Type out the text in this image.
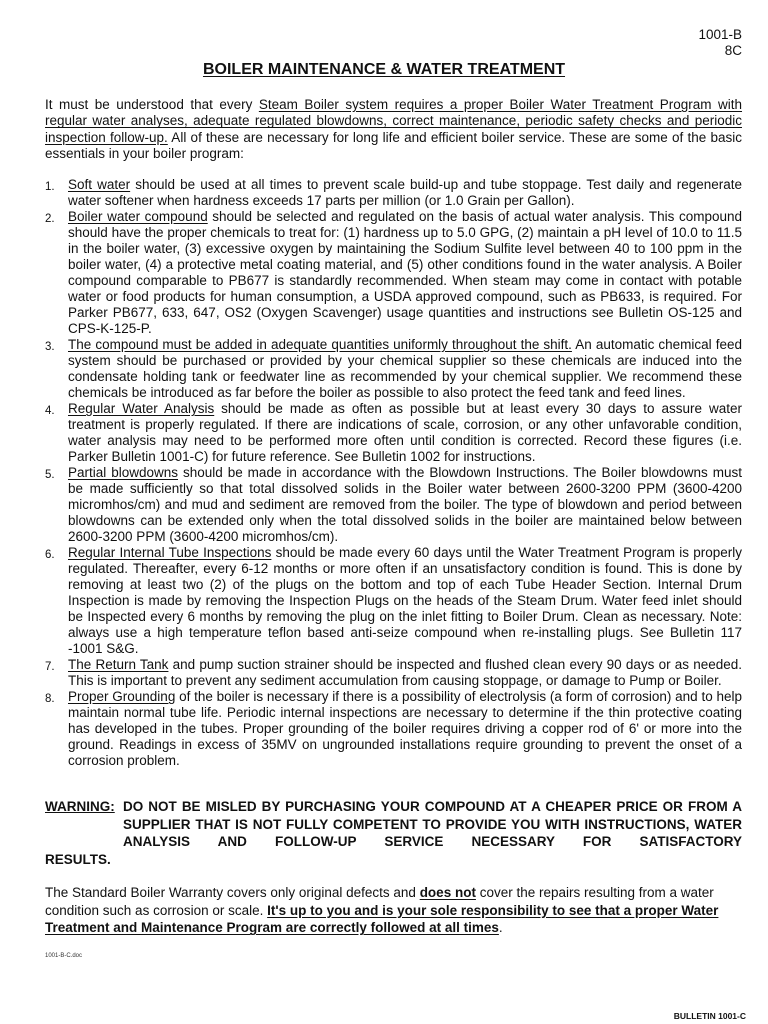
1001-B
8C
BOILER MAINTENANCE & WATER TREATMENT

It must be understood that every Steam Boiler system requires a proper Boiler Water Treatment Program with regular water analyses, adequate regulated blowdowns, correct maintenance, periodic safety checks and periodic inspection follow-up. All of these are necessary for long life and efficient boiler service. These are some of the basic essentials in your boiler program:

1. Soft water should be used at all times to prevent scale build-up and tube stoppage. Test daily and regenerate water softener when hardness exceeds 17 parts per million (or 1.0 Grain per Gallon).
2. Boiler water compound should be selected and regulated on the basis of actual water analysis. This compound should have the proper chemicals to treat for: (1) hardness up to 5.0 GPG, (2) maintain a pH level of 10.0 to 11.5 in the boiler water, (3) excessive oxygen by maintaining the Sodium Sulfite level between 40 to 100 ppm in the boiler water, (4) a protective metal coating material, and (5) other conditions found in the water analysis. A Boiler compound comparable to PB677 is standardly recommended. When steam may come in contact with potable water or food products for human consumption, a USDA approved compound, such as PB633, is required. For Parker PB677, 633, 647, OS2 (Oxygen Scavenger) usage quantities and instructions see Bulletin OS-125 and CPS-K-125-P.
3. The compound must be added in adequate quantities uniformly throughout the shift. An automatic chemical feed system should be purchased or provided by your chemical supplier so these chemicals are induced into the condensate holding tank or feedwater line as recommended by your chemical supplier. We recommend these chemicals be introduced as far before the boiler as possible to also protect the feed tank and feed lines.
4. Regular Water Analysis should be made as often as possible but at least every 30 days to assure water treatment is properly regulated. If there are indications of scale, corrosion, or any other unfavorable condition, water analysis may need to be performed more often until condition is corrected. Record these figures (i.e. Parker Bulletin 1001-C) for future reference. See Bulletin 1002 for instructions.
5. Partial blowdowns should be made in accordance with the Blowdown Instructions. The Boiler blowdowns must be made sufficiently so that total dissolved solids in the Boiler water between 2600-3200 PPM (3600-4200 micromhos/cm) and mud and sediment are removed from the boiler. The type of blowdown and period between blowdowns can be extended only when the total dissolved solids in the boiler are maintained below between 2600-3200 PPM (3600-4200 micromhos/cm).
6. Regular Internal Tube Inspections should be made every 60 days until the Water Treatment Program is properly regulated. Thereafter, every 6-12 months or more often if an unsatisfactory condition is found. This is done by removing at least two (2) of the plugs on the bottom and top of each Tube Header Section. Internal Drum Inspection is made by removing the Inspection Plugs on the heads of the Steam Drum. Water feed inlet should be Inspected every 6 months by removing the plug on the inlet fitting to Boiler Drum. Clean as necessary. Note: always use a high temperature teflon based anti-seize compound when re-installing plugs. See Bulletin 117 -1001 S&G.
7. The Return Tank and pump suction strainer should be inspected and flushed clean every 90 days or as needed. This is important to prevent any sediment accumulation from causing stoppage, or damage to Pump or Boiler.
8. Proper Grounding of the boiler is necessary if there is a possibility of electrolysis (a form of corrosion) and to help maintain normal tube life. Periodic internal inspections are necessary to determine if the thin protective coating has developed in the tubes. Proper grounding of the boiler requires driving a copper rod of 6' or more into the ground. Readings in excess of 35MV on ungrounded installations require grounding to prevent the onset of a corrosion problem.
WARNING: DO NOT BE MISLED BY PURCHASING YOUR COMPOUND AT A CHEAPER PRICE OR FROM A SUPPLIER THAT IS NOT FULLY COMPETENT TO PROVIDE YOU WITH INSTRUCTIONS, WATER ANALYSIS AND FOLLOW-UP SERVICE NECESSARY FOR SATISFACTORY
RESULTS.

The Standard Boiler Warranty covers only original defects and does not cover the repairs resulting from a water condition such as corrosion or scale. It's up to you and is your sole responsibility to see that a proper Water Treatment and Maintenance Program are correctly followed at all times.

1001-B-C.doc
BULLETIN 1001-C
